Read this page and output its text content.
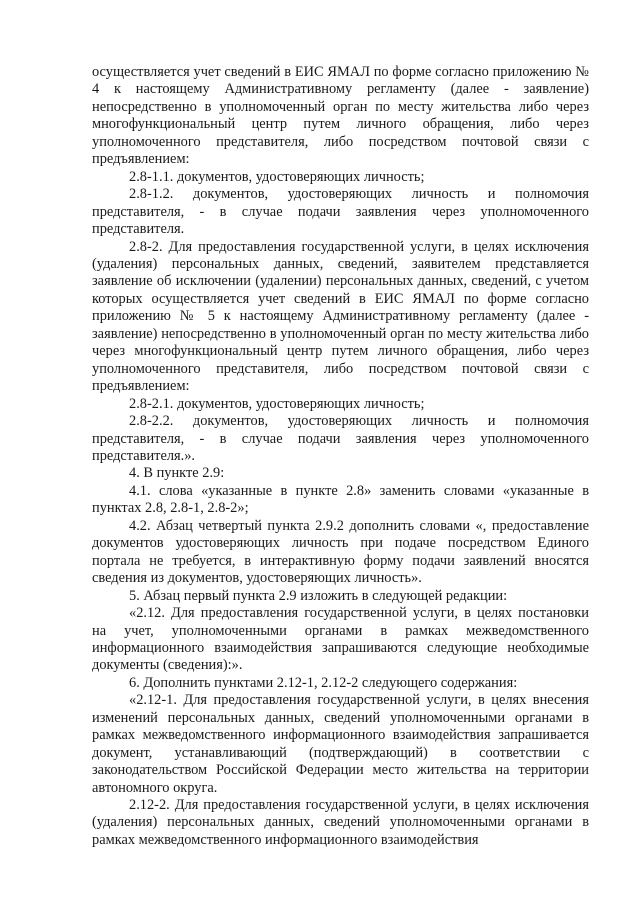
осуществляется учет сведений в ЕИС ЯМАЛ по форме согласно приложению № 4 к настоящему Административному регламенту (далее - заявление) непосредственно в уполномоченный орган по месту жительства либо через многофункциональный центр путем личного обращения, либо через уполномоченного представителя, либо посредством почтовой связи с предъявлением:

2.8-1.1. документов, удостоверяющих личность;

2.8-1.2. документов, удостоверяющих личность и полномочия представителя, - в случае подачи заявления через уполномоченного представителя.

2.8-2. Для предоставления государственной услуги, в целях исключения (удаления) персональных данных, сведений, заявителем представляется заявление об исключении (удалении) персональных данных, сведений, с учетом которых осуществляется учет сведений в ЕИС ЯМАЛ по форме согласно приложению № 5 к настоящему Административному регламенту (далее - заявление) непосредственно в уполномоченный орган по месту жительства либо через многофункциональный центр путем личного обращения, либо через уполномоченного представителя, либо посредством почтовой связи с предъявлением:

2.8-2.1. документов, удостоверяющих личность;

2.8-2.2. документов, удостоверяющих личность и полномочия представителя, - в случае подачи заявления через уполномоченного представителя.».

4. В пункте 2.9:

4.1. слова «указанные в пункте 2.8» заменить словами «указанные в пунктах 2.8, 2.8-1, 2.8-2»;

4.2. Абзац четвертый пункта 2.9.2 дополнить словами «, предоставление документов удостоверяющих личность при подаче посредством Единого портала не требуется, в интерактивную форму подачи заявлений вносятся сведения из документов, удостоверяющих личность».

5. Абзац первый пункта 2.9 изложить в следующей редакции:

«2.12. Для предоставления государственной услуги, в целях постановки на учет, уполномоченными органами в рамках межведомственного информационного взаимодействия запрашиваются следующие необходимые документы (сведения):».

6. Дополнить пунктами 2.12-1, 2.12-2 следующего содержания:

«2.12-1. Для предоставления государственной услуги, в целях внесения изменений персональных данных, сведений уполномоченными органами в рамках межведомственного информационного взаимодействия запрашивается документ, устанавливающий (подтверждающий) в соответствии с законодательством Российской Федерации место жительства на территории автономного округа.

2.12-2. Для предоставления государственной услуги, в целях исключения (удаления) персональных данных, сведений уполномоченными органами в рамках межведомственного информационного взаимодействия
